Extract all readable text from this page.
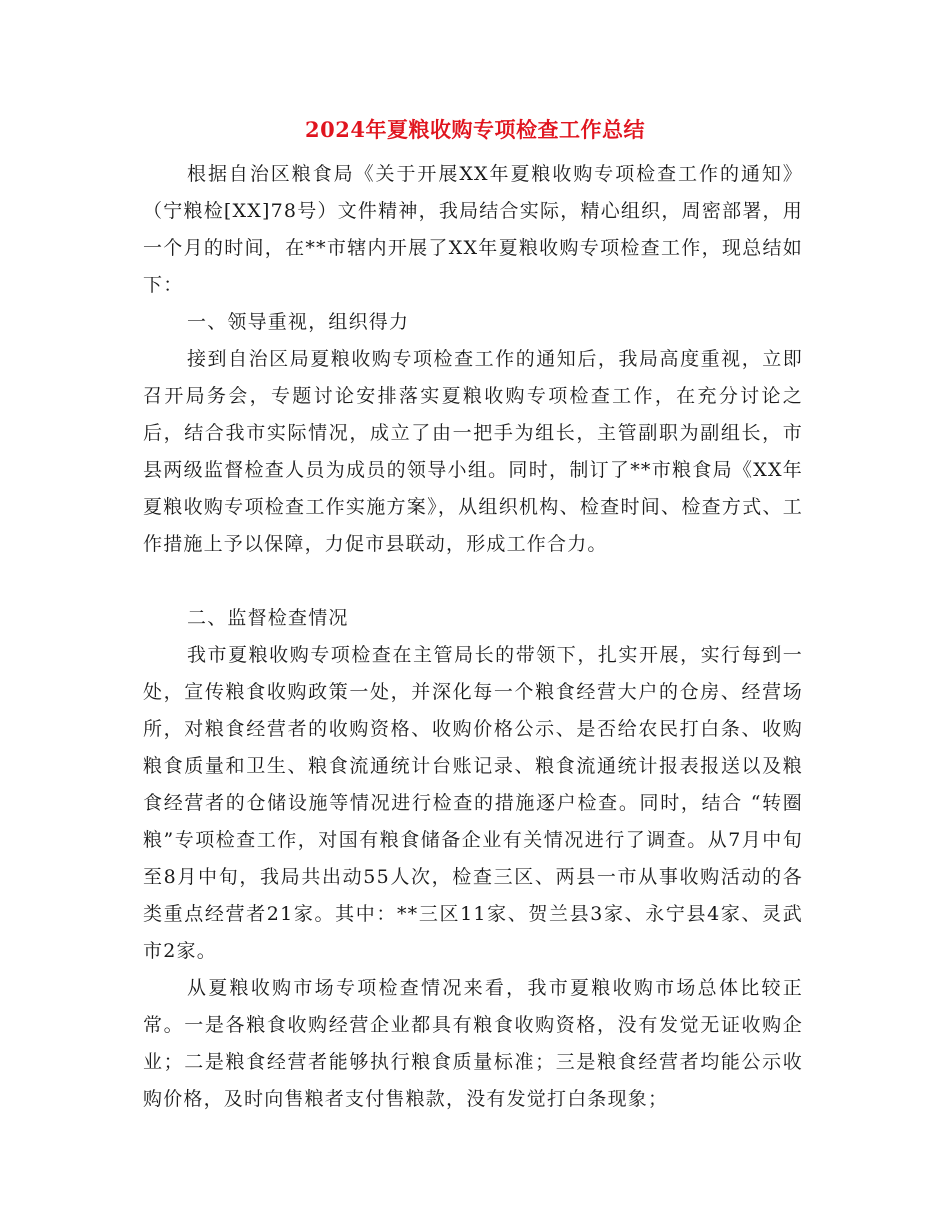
2024年夏粮收购专项检查工作总结
根据自治区粮食局《关于开展XX年夏粮收购专项检查工作的通知》（宁粮检[XX]78号）文件精神，我局结合实际，精心组织，周密部署，用一个月的时间，在**市辖内开展了XX年夏粮收购专项检查工作，现总结如下：
一、领导重视，组织得力
接到自治区局夏粮收购专项检查工作的通知后，我局高度重视，立即召开局务会，专题讨论安排落实夏粮收购专项检查工作，在充分讨论之后，结合我市实际情况，成立了由一把手为组长，主管副职为副组长，市县两级监督检查人员为成员的领导小组。同时，制订了**市粮食局《XX年夏粮收购专项检查工作实施方案》，从组织机构、检查时间、检查方式、工作措施上予以保障，力促市县联动，形成工作合力。
二、监督检查情况
我市夏粮收购专项检查在主管局长的带领下，扎实开展，实行每到一处，宣传粮食收购政策一处，并深化每一个粮食经营大户的仓房、经营场所，对粮食经营者的收购资格、收购价格公示、是否给农民打白条、收购粮食质量和卫生、粮食流通统计台账记录、粮食流通统计报表报送以及粮食经营者的仓储设施等情况进行检查的措施逐户检查。同时，结合 “转圈粮”专项检查工作，对国有粮食储备企业有关情况进行了调查。从7月中旬至8月中旬，我局共出动55人次，检查三区、两县一市从事收购活动的各类重点经营者21家。其中：**三区11家、贺兰县3家、永宁县4家、灵武市2家。
从夏粮收购市场专项检查情况来看，我市夏粮收购市场总体比较正常。一是各粮食收购经营企业都具有粮食收购资格，没有发觉无证收购企业；二是粮食经营者能够执行粮食质量标准；三是粮食经营者均能公示收购价格，及时向售粮者支付售粮款，没有发觉打白条现象；
